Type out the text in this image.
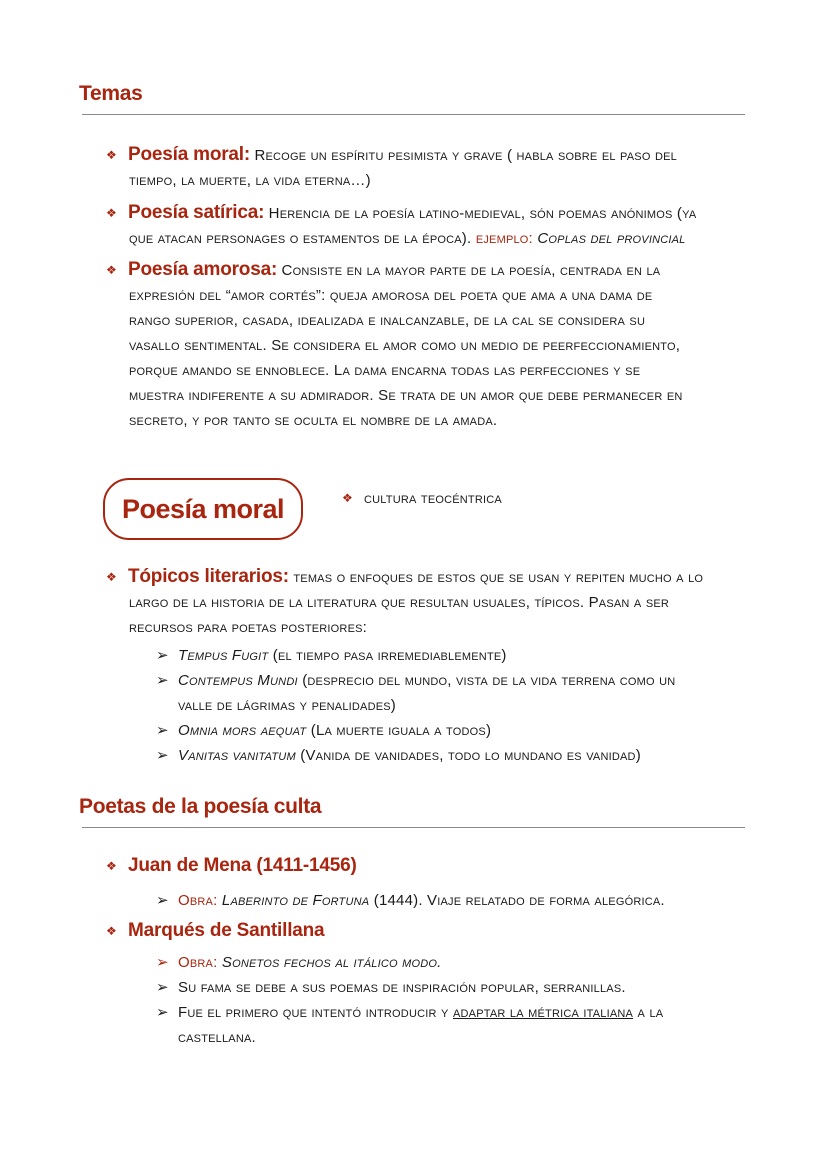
Temas
❖ Poesía moral: Recoge un espíritu pesimista y grave ( habla sobre el paso del
tiempo, la muerte, la vida eterna…)
❖ Poesía satírica: Herencia de la poesía latino-medieval, són poemas anónimos (ya
que atacan personages o estamentos de la época). ejemplo: Coplas del provincial
❖ Poesía amorosa: Consiste en la mayor parte de la poesía, centrada en la
expresión del “amor cortés”: queja amorosa del poeta que ama a una dama de
rango superior, casada, idealizada e inalcanzable, de la cal se considera su
vasallo sentimental. Se considera el amor como un medio de peerfeccionamiento,
porque amando se ennoblece. La dama encarna todas las perfecciones y se
muestra indiferente a su admirador. Se trata de un amor que debe permanecer en
secreto, y por tanto se oculta el nombre de la amada.
Poesía moral	❖ cultura teocéntrica
❖ Tópicos literarios: temas o enfoques de estos que se usan y repiten mucho a lo
largo de la historia de la literatura que resultan usuales, típicos. Pasan a ser
recursos para poetas posteriores:
➢ Tempus Fugit (el tiempo pasa irremediablemente)
➢ Contempus Mundi (desprecio del mundo, vista de la vida terrena como un
valle de lágrimas y penalidades)
➢ Omnia mors aequat (La muerte iguala a todos)
➢ Vanitas vanitatum (Vanida de vanidades, todo lo mundano es vanidad)
Poetas de la poesía culta
❖ Juan de Mena (1411-1456)
➢ Obra: Laberinto de Fortuna (1444). Viaje relatado de forma alegórica.
❖ Marqués de Santillana
➢ Obra: Sonetos fechos al itálico modo.
➢ Su fama se debe a sus poemas de inspiración popular, serranillas.
➢ Fue el primero que intentó introducir y adaptar la métrica italiana a la
castellana.
